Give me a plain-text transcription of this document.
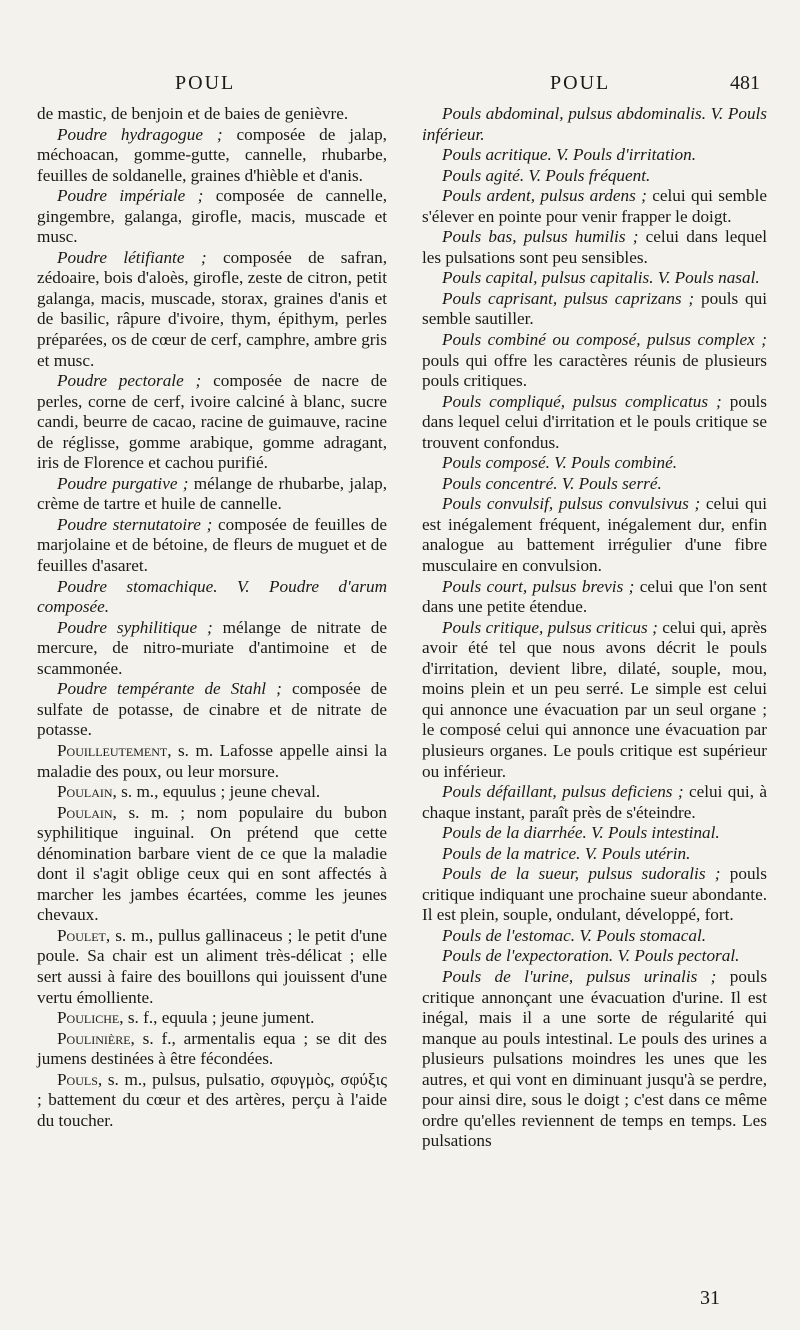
POUL	POUL	481

de mastic, de benjoin et de baies de genièvre.

Poudre hydragogue ; composée de jalap, méchoacan, gomme-gutte, cannelle, rhubarbe, feuilles de soldanelle, graines d'hièble et d'anis.

Poudre impériale ; composée de cannelle, gingembre, galanga, girofle, macis, muscade et musc.

Poudre létifiante ; composée de safran, zédoaire, bois d'aloès, girofle, zeste de citron, petit galanga, macis, muscade, storax, graines d'anis et de basilic, râpure d'ivoire, thym, épithym, perles préparées, os de cœur de cerf, camphre, ambre gris et musc.

Poudre pectorale ; composée de nacre de perles, corne de cerf, ivoire calciné à blanc, sucre candi, beurre de cacao, racine de guimauve, racine de réglisse, gomme arabique, gomme adragant, iris de Florence et cachou purifié.

Poudre purgative ; mélange de rhubarbe, jalap, crème de tartre et huile de cannelle.

Poudre sternutatoire ; composée de feuilles de marjolaine et de bétoine, de fleurs de muguet et de feuilles d'asaret.

Poudre stomachique. V. Poudre d'arum composée.

Poudre syphilitique ; mélange de nitrate de mercure, de nitro-muriate d'antimoine et de scammonée.

Poudre tempérante de Stahl ; composée de sulfate de potasse, de cinabre et de nitrate de potasse.

Pouilleutement, s. m. Lafosse appelle ainsi la maladie des poux, ou leur morsure.

Poulain, s. m., equulus ; jeune cheval.

Poulain, s. m. ; nom populaire du bubon syphilitique inguinal. On prétend que cette dénomination barbare vient de ce que la maladie dont il s'agit oblige ceux qui en sont affectés à marcher les jambes écartées, comme les jeunes chevaux.

Poulet, s. m., pullus gallinaceus ; le petit d'une poule. Sa chair est un aliment très-délicat ; elle sert aussi à faire des bouillons qui jouissent d'une vertu émolliente.

Pouliche, s. f., equula ; jeune jument.

Poulinière, s. f., armentalis equa ; se dit des jumens destinées à être fécondées.

Pouls, s. m., pulsus, pulsatio, σφυγμὸς, σφύξις ; battement du cœur et des artères, perçu à l'aide du toucher.

Pouls abdominal, pulsus abdominalis. V. Pouls inférieur.

Pouls acritique. V. Pouls d'irritation.

Pouls agité. V. Pouls fréquent.

Pouls ardent, pulsus ardens ; celui qui semble s'élever en pointe pour venir frapper le doigt.

Pouls bas, pulsus humilis ; celui dans lequel les pulsations sont peu sensibles.

Pouls capital, pulsus capitalis. V. Pouls nasal.

Pouls caprisant, pulsus caprizans ; pouls qui semble sautiller.

Pouls combiné ou composé, pulsus complex ; pouls qui offre les caractères réunis de plusieurs pouls critiques.

Pouls compliqué, pulsus complicatus ; pouls dans lequel celui d'irritation et le pouls critique se trouvent confondus.

Pouls composé. V. Pouls combiné.

Pouls concentré. V. Pouls serré.

Pouls convulsif, pulsus convulsivus ; celui qui est inégalement fréquent, inégalement dur, enfin analogue au battement irrégulier d'une fibre musculaire en convulsion.

Pouls court, pulsus brevis ; celui que l'on sent dans une petite étendue.

Pouls critique, pulsus criticus ; celui qui, après avoir été tel que nous avons décrit le pouls d'irritation, devient libre, dilaté, souple, mou, moins plein et un peu serré. Le simple est celui qui annonce une évacuation par un seul organe ; le composé celui qui annonce une évacuation par plusieurs organes. Le pouls critique est supérieur ou inférieur.

Pouls défaillant, pulsus deficiens ; celui qui, à chaque instant, paraît près de s'éteindre.

Pouls de la diarrhée. V. Pouls intestinal.

Pouls de la matrice. V. Pouls utérin.

Pouls de la sueur, pulsus sudoralis ; pouls critique indiquant une prochaine sueur abondante. Il est plein, souple, ondulant, développé, fort.

Pouls de l'estomac. V. Pouls stomacal.

Pouls de l'expectoration. V. Pouls pectoral.

Pouls de l'urine, pulsus urinalis ; pouls critique annonçant une évacuation d'urine. Il est inégal, mais il a une sorte de régularité qui manque au pouls intestinal. Le pouls des urines a plusieurs pulsations moindres les unes que les autres, et qui vont en diminuant jusqu'à se perdre, pour ainsi dire, sous le doigt ; c'est dans ce même ordre qu'elles reviennent de temps en temps. Les pulsations

31
